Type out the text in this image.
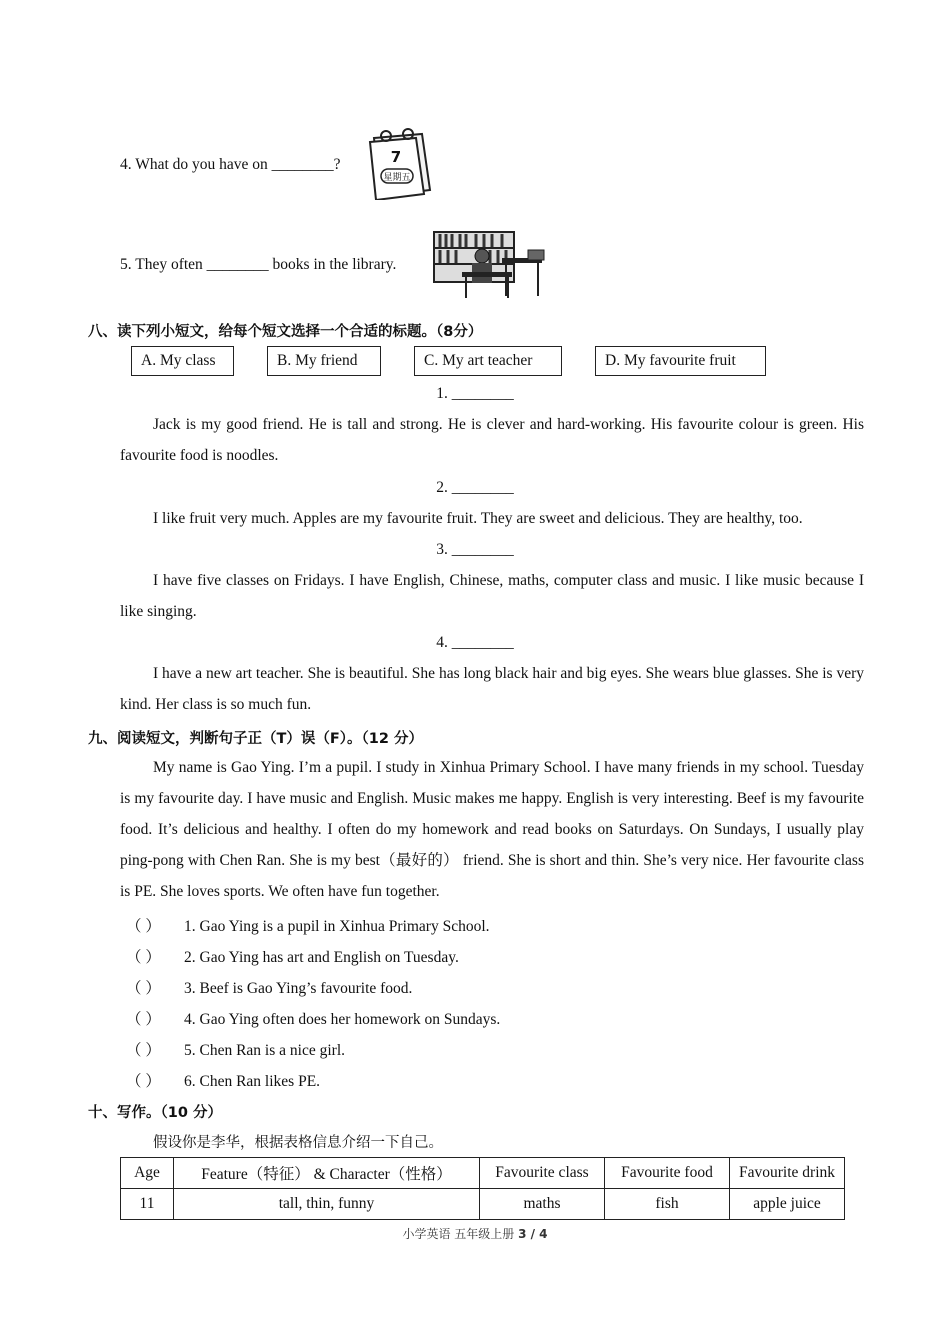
4. What do you have on ________?	7
星期五
5. They often ________ books in the library.
八、读下列小短文，给每个短文选择一个合适的标题。（8分）
A. My class	B. My friend	C. My art teacher	D. My favourite fruit
1. ________
Jack is my good friend. He is tall and strong. He is clever and hard-working. His favourite colour is green. His favourite food is noodles.
2. ________
I like fruit very much. Apples are my favourite fruit. They are sweet and delicious. They are healthy, too.
3. ________
I have five classes on Fridays. I have English, Chinese, maths, computer class and music. I like music because I like singing.
4. ________
I have a new art teacher. She is beautiful. She has long black hair and big eyes. She wears blue glasses. She is very kind. Her class is so much fun.
九、阅读短文，判断句子正（T）误（F）。（12 分）
My name is Gao Ying. I’m a pupil. I study in Xinhua Primary School. I have many friends in my school. Tuesday is my favourite day. I have music and English. Music makes me happy. English is very interesting. Beef is my favourite food. It’s delicious and healthy. I often do my homework and read books on Saturdays. On Sundays, I usually play ping-pong with Chen Ran. She is my best（最好的） friend. She is short and thin. She’s very nice. Her favourite class is PE. She loves sports. We often have fun together.
（ ） 1. Gao Ying is a pupil in Xinhua Primary School.
（ ） 2. Gao Ying has art and English on Tuesday.
（ ） 3. Beef is Gao Ying’s favourite food.
（ ） 4. Gao Ying often does her homework on Sundays.
（ ） 5. Chen Ran is a nice girl.
（ ） 6. Chen Ran likes PE.
十、写作。（10 分）
假设你是李华，根据表格信息介绍一下自己。
Age	Feature（特征） & Character（性格）	Favourite class	Favourite food	Favourite drink
11	tall, thin, funny	maths	fish	apple juice
小学英语 五年级上册 3 / 4
